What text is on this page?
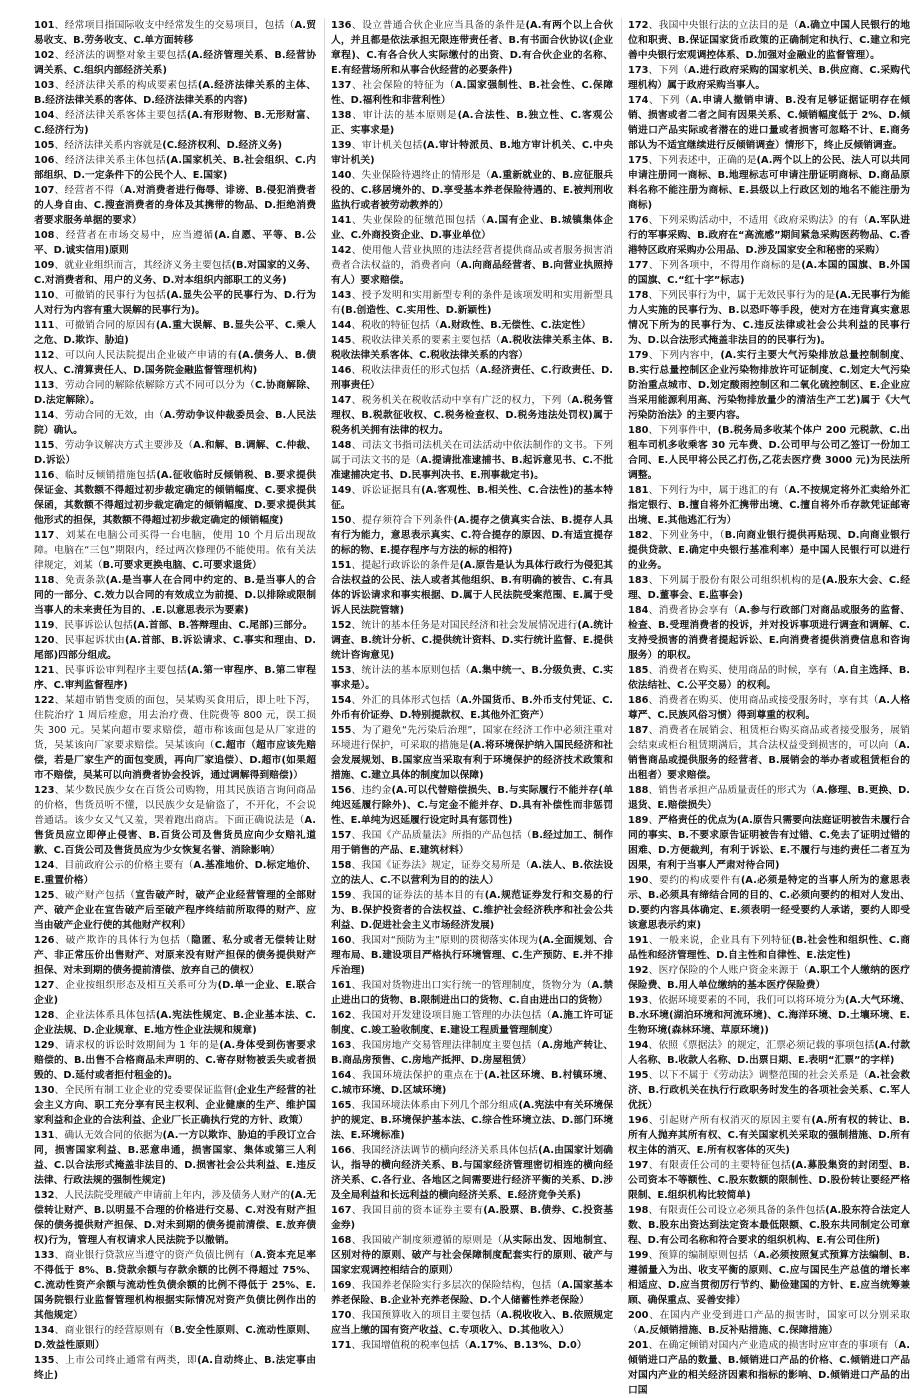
101、经常项目指国际收支中经常发生的交易项目，包括（A.贸易收支、B.劳务收支、C.单方面转移

102、经济法的调整对象主要包括(A.经济管理关系、B.经营协调关系、C.组织内部经济关系)

103、经济法律关系的构成要素包括(A.经济法律关系的主体、B.经济法律关系的客体、D.经济法律关系的内容)

104、经济法律关系客体主要包括(A.有形财物、B.无形财富、C.经济行为)

105、经济法律关系内容就是(C.经济权利、D.经济义务)

106、经济法律关系主体包括(A.国家机关、B.社会组织、C.内部组织、D.一定条件下的公民个人、E.国家)

107、经营者不得（A.对消费者进行侮辱、诽谤、B.侵犯消费者的人身自由、C.搜查消费者的身体及其携带的物品、D.拒绝消费者要求服务单据的要求）

108、经营者在市场交易中，应当遵循(A.自愿、平等、B.公平、D.诚实信用)原则

109、就业业组织而言，其经济义务主要包括(B.对国家的义务、C.对消费者和、用户的义务、D.对本组织内部职工的义务)

110、可撤销的民事行为包括(A.显失公平的民事行为、D.行为人对行为内容有重大误解的民事行为)。

111、可撤销合同的原因有(A.重大误解、B.显失公平、C.乘人之危、D.欺诈、胁迫)

112、可以向人民法院提出企业破产申请的有(A.债务人、B.债权人、C.清算责任人、D.国务院金融监督管理机构)

113、劳动合同的解除依解除方式不同可以分为（C.协商解除、D.法定解除）。

114、劳动合同的无效，由（A.劳动争议仲裁委员会、B.人民法院）确认。

115、劳动争议解决方式主要涉及（A.和解、B.调解、C.仲裁、D.诉讼）

116、临时反倾销措施包括(A.征收临时反倾销税、B.要求提供保证金、其数额不得超过初步裁定确定的倾销幅度、C.要求提供保函，其数额不得超过初步裁定确定的倾销幅度、D.要求提供其他形式的担保，其数额不得超过初步裁定确定的倾销幅度)

117、刘某在电脑公司买得一台电脑，使用 10 个月后出现故障。电脑在“三包”期限内，经过两次修理仍不能使用。依有关法律规定，刘某（B.可要求更换电脑、C.可要求退货）

118、免责条款(A.是当事人在合同中约定的、B.是当事人的合同的一部分、C.效力以合同的有效成立为前提、D.以排除或限制当事人的未来责任为目的、.E.以意思表示为要素)

119、民事诉讼认包括(A.首部、B.答辩理由、C.尾部)三部分。

120、民事起诉状由(A.首部、B.诉讼请求、C.事实和理由、D.尾部)四部分组成。

121、民事诉讼审判程序主要包括(A.第一审程序、B.第二审程序、C.审判监督程序)

122、某超市销售变质的面包，吴某购买食用后，即上吐下泻，住院治疗 1 周后痊愈，用去治疗费、住院费等 800 元，误工损失 300 元。吴某向超市要求赔偿，超市称该面包是从厂家进的货，吴某该向厂家要求赔偿。吴某该向（C.超市（超市应该先赔偿，若是厂家生产的面包变质，再向厂家追偿）、D.超市(如果超市不赔偿，吴某可以向消费者协会投诉，通过调解得到赔偿)）

123、某少数民族少女在百货公司购物，用其民族语言询问商品的价格，售货员听不懂，以民族少女是偷盗了，不开化，不会说普通话。该少女又气又羞，哭着跑出商店。下面正确说法是（A.售货员应立即停止侵害、B.百货公司及售货员应向少女赔礼道歉、C.百货公司及售货员应为少女恢复名誉、消除影响）

124、目前政府公示的价格主要有（A.基准地价、D.标定地价、E.重置价格）

125、破产财产包括（宣告破产时，破产企业经营管理的全部财产、破产企业在宣告破产后至破产程序终结前所取得的财产、应当由破产企业行使的其他财产权利）

126、破产欺诈的具体行为包括（隐匿、私分或者无偿转让财产、非正常压价出售财产、对原来没有财产担保的债务提供财产担保、对未到期的债务提前清偿、放弃自己的债权）

127、企业按组织形态及相互关系可分为(D.单一企业、E.联合企业)

128、企业法体系具体包括(A.宪法性规定、B.企业基本法、C.企业法规、D.企业规章、E.地方性企业法规和规章)

129、请求权的诉讼时效期间为 1 年的是(A.身体受到伤害要求赔偿的、B.出售不合格商品未声明的、C.寄存财物被丢失或者损毁的、D.延付或者拒付租金的)。

130、全民所有制工业企业的党委要保证监督(企业生产经营的社会主义方向、职工充分享有民主权利、企业健康的生产、维护国家利益和企业的合法利益、企业厂长正确执行党的方针、政策）

131、确认无效合同的依据为(A.一方以欺诈、胁迫的手段订立合同，损害国家利益、B.恶意串通，损害国家、集体或第三人利益、C.以合法形式掩盖非法目的、D.损害社会公共利益、E.违反法律、行政法规的强制性规定)

132、人民法院受理破产申请前上年内，涉及债务人财产的(A.无偿转让财产、B.以明显不合理的价格进行交易、C.对没有财产担保的债务提供财产担保、D.对未到期的债务提前清偿、E.放弃债权)行为，管理人有权请求人民法院予以撤销。

133、商业银行贷款应当遵守的资产负债比例有（A.资本充足率不得低于 8%、B.贷款余额与存款余额的比例不得超过 75%、C.流动性资产余额与流动性负债余额的比例不得低于 25%、E.国务院银行业监督管理机构根据实际情况对资产负债比例作出的其他规定）

134、商业银行的经营原则有（B.安全性原则、C.流动性原则、D.效益性原则）

135、上市公司终止通常有两类，即(A.自动终止、B.法定事由终止)

136、设立普通合伙企业应当具备的条件是(A.有两个以上合伙人，并且都是依法承担无限连带责任者、B.有书面合伙协议(企业章程)、C.有各合伙人实际缴付的出资、D.有合伙企业的名称、E.有经营场所和从事合伙经营的必要条件)

137、社会保险的特征为（A.国家强制性、B.社会性、C.保障性、D.福利性和非营利性）

138、审计法的基本原则是(A.合法性、B.独立性、C.客观公正、实事求是)

139、审计机关包括(A.审计特派员、B.地方审计机关、C.中央审计机关)

140、失业保险待遇终止的情形是（A.重新就业的、B.应征服兵役的、C.移居境外的、D.享受基本养老保险待遇的、E.被判刑收监执行或者被劳动教养的）

141、失业保险的征缴范围包括（A.国有企业、B.城镇集体企业、C.外商投资企业、D.事业单位）

142、使用他人营业执照的违法经营者提供商品或者服务损害消费者合法权益的，消费者向（A.向商品经营者、B.向营业执照持有人）要求赔偿。

143、授予发明和实用新型专利的条件是该项发明和实用新型具有(B.创造性、C.实用性、D.新颖性)

144、税收的特征包括（A.财政性、B.无偿性、C.法定性）

145、税收法律关系的要素主要包括（A.税收法律关系主体、B.税收法律关系客体、C.税收法律关系的内容）

146、税收法律责任的形式包括（A.经济责任、C.行政责任、D.刑事责任）

147、税务机关在税收活动中享有广泛的权力，下列（A.税务管理权、B.税款征收权、C.税务检查权、D.税务违法处罚权)属于税务机关拥有法律的权力。

148、司法文书指司法机关在司法活动中依法制作的文书。下列属于司法文书的是（A.提请批准逮捕书、B.起诉意见书、C.不批准逮捕决定书、D.民事判决书、E.刑事裁定书)。

149、诉讼证据具有(A.客观性、B.相关性、C.合法性)的基本特征。

150、提存须符合下列条件(A.提存之债真实合法、B.提存人具有行为能力，意思表示真实、C.符合提存的原因、D.有适宜提存的标的物、E.提存程序与方法的标的相符)

151、提起行政诉讼的条件是(A.原告是认为具体行政行为侵犯其合法权益的公民、法人或者其他组织、B.有明确的被告、C.有具体的诉讼请求和事实根据、D.属于人民法院受案范围、E.属于受诉人民法院管辖)

152、统计的基本任务是对国民经济和社会发展情况进行(A.统计调查、B.统计分析、C.提供统计资料、D.实行统计监督、E.提供统计咨询意见)

153、统计法的基本原则包括（A.集中统一、B.分级负责、C.实事求是）。

154、外汇的具体形式包括（A.外国货币、B.外币支付凭证、C.外币有价证券、D.特别提款权、E.其他外汇资产）

155、为了避免“先污染后治理”，国家在经济工作中必须注重对环境进行保护，可采取的措施是(A.将环境保护纳入国民经济和社会发展规划、B.国家应当采取有利于环境保护的经济技术政策和措施、C.建立具体的制度加以保障)

156、违约金(A.可以代替赔偿损失、B.与实际履行不能并存(单纯迟延履行除外)、C.与定金不能并存、D.具有补偿性而非惩罚性、E.单纯为迟延履行设定时具有惩罚性)

157、我国《产品质量法》所指的产品包括（B.经过加工、制作用于销售的产品、E.建筑材料）

158、我国《证券法》规定，证券交易所是（A.法人、B.依法设立的法人、C.不以营利为目的的法人）

159、我国的证券法的基本目的有(A.规范证券发行和交易的行为、B.保护投资者的合法权益、C.维护社会经济秩序和社会公共利益、D.促进社会主义市场经济发展)

160、我国对“预防为主”原则的贯彻落实体现为(A.全面规划、合理布局、B.建设项目严格执行环境管理、C.生产预防、E.并不排斥治理)

161、我国对货物进出口实行统一的管理制度，货物分为（A.禁止进出口的货物、B.限制进出口的货物、C.自由进出口的货物）

162、我国对开发建设项目施工管理的办法包括（A.施工许可证制度、C.竣工验收制度、E.建设工程质量管理制度）

163、我国房地产交易管理法律制度主要包括（A.房地产转让、B.商品房预售、C.房地产抵押、D.房屋租赁）

164、我国环境法保护的重点在于(A.社区环境、B.村镇环境、C.城市环境、D.区域环境)

165、我国环境法体系由下列几个部分组成(A.宪法中有关环境保护的规定、B.环境保护基本法、C.综合性环境立法、D.部门环境法、E.环境标准)

166、我国经济法调节的横向经济关系具体包括(A.由国家计划确认，指导的横向经济关系、B.与国家经济管理密切相连的横向经济关系、C.各行业、各地区之间需要进行经济平衡的关系、D.涉及全局利益和长远利益的横向经济关系、E.经济竞争关系)

167、我国目前的资本证券主要有(A.股票、B.债券、C.投资基金券)

168、我国破产制度须遵循的原则是（从实际出发、因地制宜、区别对待的原则、破产与社会保障制度配套实行的原则、破产与国家宏观调控相结合的原则）

169、我国养老保险实行多层次的保险结构，包括（A.国家基本养老保险、B.企业补充养老保险、D.个人储蓄性养老保险）

170、我国预算收入的项目主要包括（A.税收收入、B.依照规定应当上缴的国有资产收益、C.专项收入、D.其他收入）

171、我国增值税的税率包括（A.17%、B.13%、D.0）

172、我国中央银行法的立法目的是（A.确立中国人民银行的地位和职责、B.保证国家货币政策的正确制定和执行、C.建立和完善中央银行宏观调控体系、D.加强对金融业的监督管理）。

173、下列（A.进行政府采购的国家机关、B.供应商、C.采购代理机构）属于政府采购当事人。

174、下列（A.申请人撤销申请、B.没有足够证据证明存在倾销、损害或者二者之间有因果关系、C.倾销幅度低于 2%、D.倾销进口产品实际或者潜在的进口量或者损害可忽略不计、E.商务部认为不适宜继续进行反倾销调查）情形下，终止反倾销调查。

175、下列表述中，正确的是(A.两个以上的公民、法人可以共同申请注册同一商标、B.地理标志可申请注册证明商标、D.商品原料名称不能注册为商标、E.县级以上行政区划的地名不能注册为商标)

176、下列采购活动中，不适用《政府采购法》的有（A.军队进行的军事采购、B.政府在“高流感”期间紧急采购医药物品、C.香港特区政府采购办公用品、D.涉及国家安全和秘密的采购）

177、下列各项中，不得用作商标的是(A.本国的国旗、B.外国的国旗、C.“红十字”标志)

178、下列民事行为中，属于无效民事行为的是(A.无民事行为能力人实施的民事行为、B.以恐吓等手段，使对方在违背真实意思情况下所为的民事行为、C.违反法律或社会公共利益的民事行为、D.以合法形式掩盖非法目的的民事行为)。

179、下列内容中，(A.实行主要大气污染排放总量控制制度、B.实行总量控制区企业污染物排放许可证制度、C.划定大气污染防治重点城市、D.划定酸雨控制区和二氧化硫控制区、E.企业应当采用能源利用高、污染物排放量少的清洁生产工艺)属于《大气污染防治法》的主要内容。

180、下列事件中，(B.税务局多收某个体户 200 元税款、C.出租车司机多收乘客 30 元车费、D.公司甲与公司乙签订一份加工合同、E.人民甲将公民乙打伤,乙花去医疗费 3000 元)为民法所调整。

181、下列行为中，属于逃汇的有（A.不按规定将外汇卖给外汇指定银行、B.擅自将外汇携带出境、C.擅自将外币存款凭证邮寄出境、E.其他逃汇行为）

182、下列业务中，（B.向商业银行提供再贴现、D.向商业银行提供贷款、E.确定中央银行基准利率）是中国人民银行可以进行的业务。

183、下列属于股份有限公司组织机构的是(A.股东大会、C.经理、D.董事会、E.监事会)

184、消费者协会享有（A.参与行政部门对商品或服务的监督、检查、B.受理消费者的投诉，并对投诉事项进行调查和调解、C.支持受损害的消费者提起诉讼、E.向消费者提供消费信息和咨询服务）的职权。

185、消费者在购买、使用商品的时候，享有（A.自主选择、B.依法结社、C.公平交易）的权利。

186、消费者在购买、使用商品或接受服务时，享有其（A.人格尊严、C.民族风俗习惯）得到尊重的权利。

187、消费者在展销会、租赁柜台购买商品或者接受服务，展销会结束或柜台租赁期满后，其合法权益受到损害的，可以向（A.销售商品或提供服务的经营者、B.展销会的举办者或租赁柜台的出租者）要求赔偿。

188、销售者承担产品质量责任的形式为（A.修理、B.更换、D.退货、E.赔偿损失）

189、严格责任的优点为(A.原告只需要向法庭证明被告未履行合同的事实、B.不要求原告证明被告有过错、C.免去了证明过错的困难、D.方便裁判，有利于诉讼、E.不履行与违约责任二者互为因果，有利于当事人严肃对待合同)

190、要约的构成要件有(A.必须是特定的当事人所为的意思表示、B.必须具有缔结合同的目的、C.必须向要约的相对人发出、D.要约内容具体确定、E.须表明一经受要约人承诺，要约人即受该意思表示约束)

191、一般来说，企业具有下列特征(B.社会性和组织性、C.商品性和经济管理性、D.自主性和自律性、E.法定性)

192、医疗保险的个人账户资金来源于（A.职工个人缴纳的医疗保险费、B.用人单位缴纳的基本医疗保险费）

193、依据环境要素的不同，我们可以将环境分为(A.大气环境、B.水环境(湖泊环境和河流环境)、C.海洋环境、D.土壤环境、E.生物环境(森林环境、草原环境))

194、依照《票据法》的规定，汇票必须记载的事项包括(A.付款人名称、B.收款人名称、D.出票日期、E.表明“汇票”的字样)

195、以下不属于《劳动法》调整范围的社会关系是（A.社会救济、B.行政机关在执行行政职务时发生的各项社会关系、C.军人优抚）

196、引起财产所有权消灭的原因主要有(A.所有权的转让、B.所有人抛弃其所有权、C.有关国家机关采取的强制措施、D.所有权主体的消灭、E.所有权客体的灭失)

197、有限责任公司的主要特征包括(A.募股集资的封闭型、B.公司资本不等额性、C.股东数额的限制性、D.股份转让要经严格限制、E.组织机构比较简单)

198、有限责任公司设立必须具备的条件包括(A.股东符合法定人数、B.股东出资达到法定资本最低限额、C.股东共同制定公司章程、D.有公司名称和符合要求的组织机构、E.有公司住所)

199、预算的编制原则包括（A.必须按照复式预算方法编制、B.遵循量入为出、收支平衡的原则、C.应与国民生产总值的增长率相适应、D.应当贯彻厉行节约、勤俭建国的方针、E.应当统筹兼顾、确保重点、妥善安排）

200、在国内产业受到进口产品的损害时，国家可以分别采取（A.反倾销措施、B.反补贴措施、C.保障措施）

201、在确定倾销对国内产业造成的损害时应审查的事项有（A.倾销进口产品的数量、B.倾销进口产品的价格、C.倾销进口产品对国内产业的相关经济因素和指标的影响、D.倾销进口产品的出口国
